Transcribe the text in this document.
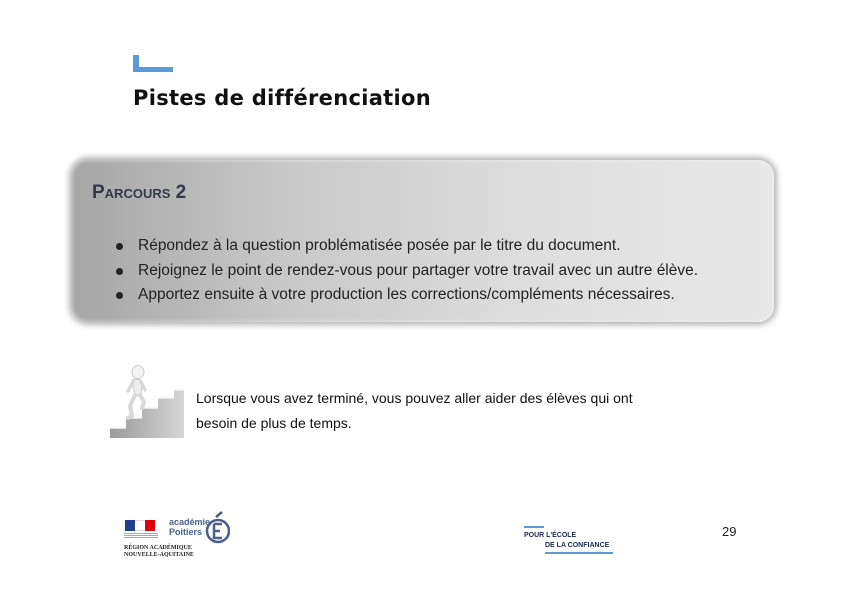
Pistes de différenciation
Parcours 2
Répondez à la question problématisée posée par le titre du document.
Rejoignez le point de rendez-vous pour partager votre travail avec un autre élève.
Apportez ensuite à votre production les corrections/compléments nécessaires.
Lorsque vous avez terminé, vous pouvez aller aider des élèves qui ont
besoin de plus de temps.
RÉGION ACADÉMIQUE
NOUVELLE-AQUITAINE
académie
Poitiers	POUR L'ÉCOLE
DE LA CONFIANCE
29
